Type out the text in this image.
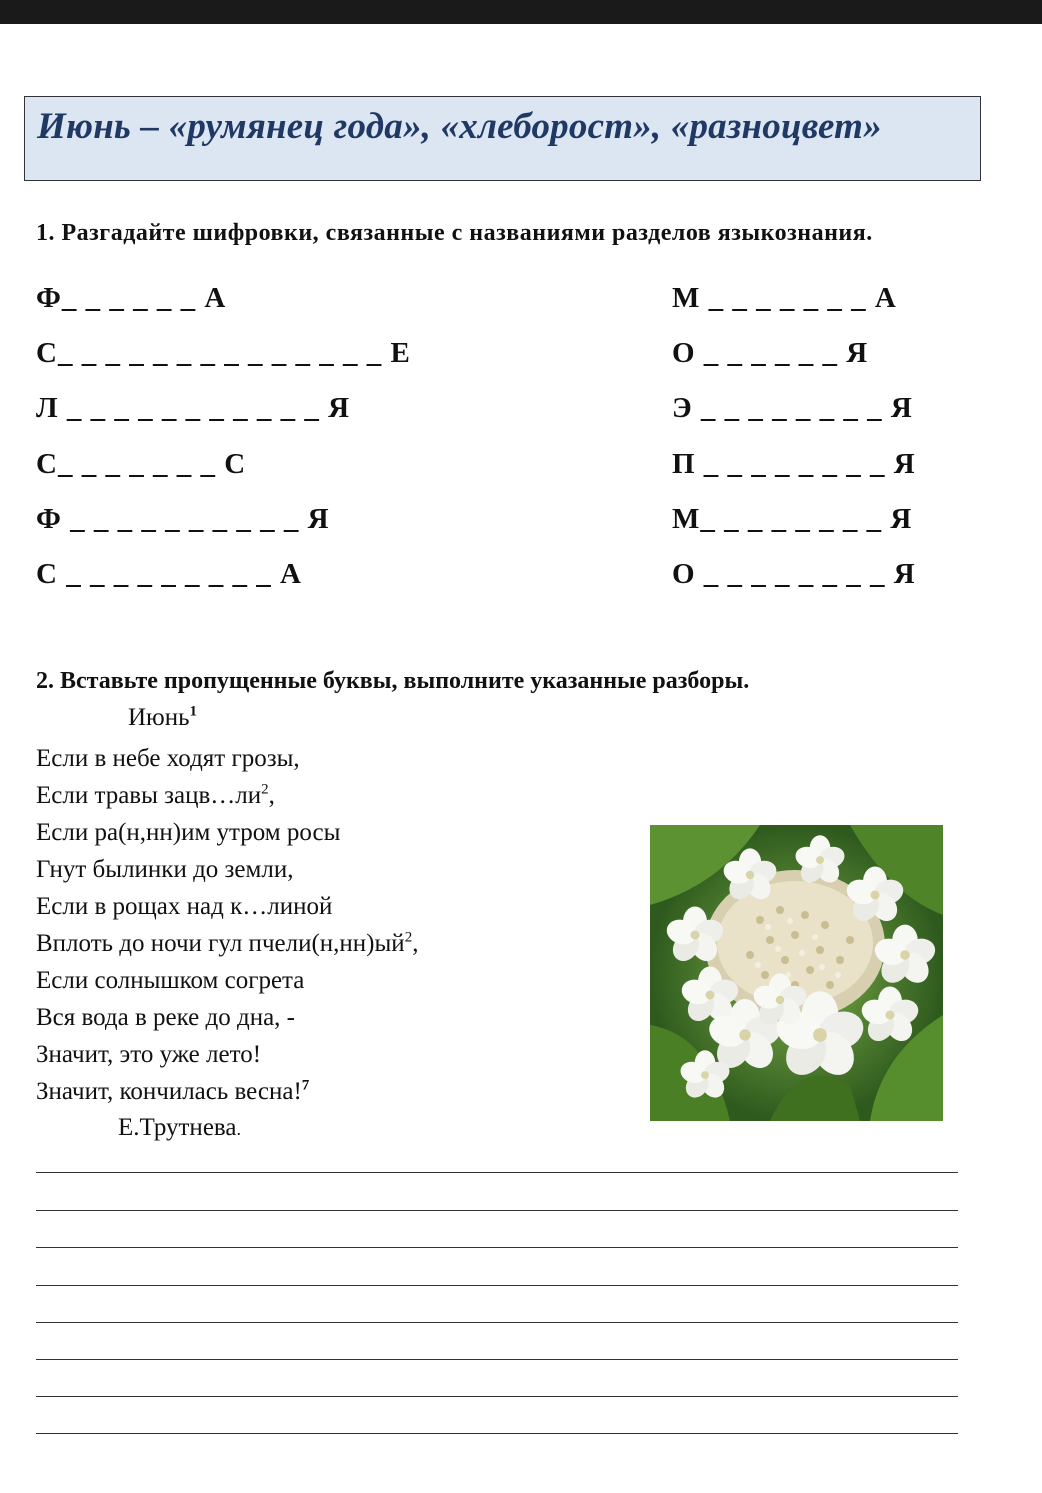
Июнь – «румянец года», «хлеборост», «разноцвет»
1. Разгадайте шифровки, связанные с названиями разделов языкознания.
Ф_ _ _ _ _ _ А
С_ _ _ _ _ _ _ _ _ _ _ _ _ _ Е
Л _ _ _ _ _ _ _ _ _ _ _ Я
С_ _ _ _ _ _ _ С
Ф _ _ _ _ _ _ _ _ _ _ Я
С _ _ _ _ _ _ _ _ _ А
М _ _ _ _ _ _ _ А
О _ _ _ _ _ _ Я
Э _ _ _ _ _ _ _ _ Я
П _ _ _ _ _ _ _ _ Я
М_ _ _ _ _ _ _ _ Я
О _ _ _ _ _ _ _ _ Я
2. Вставьте пропущенные буквы, выполните указанные разборы.
Июнь$^1$
Если в небе ходят грозы,
Если травы $зацв\dots ли^2$,
Если ра(н,нн)им утром росы
Гнут былинки до земли,
Если в рощах над к…линой
Вплоть до ночи гул $пчели(н,нн)ый^2$,
Если солнышком согрета
Вся вода в реке до дна, -
Значит, это уже лето!
Значит, кончилась весна!$^7$
Е.Трутнева.
